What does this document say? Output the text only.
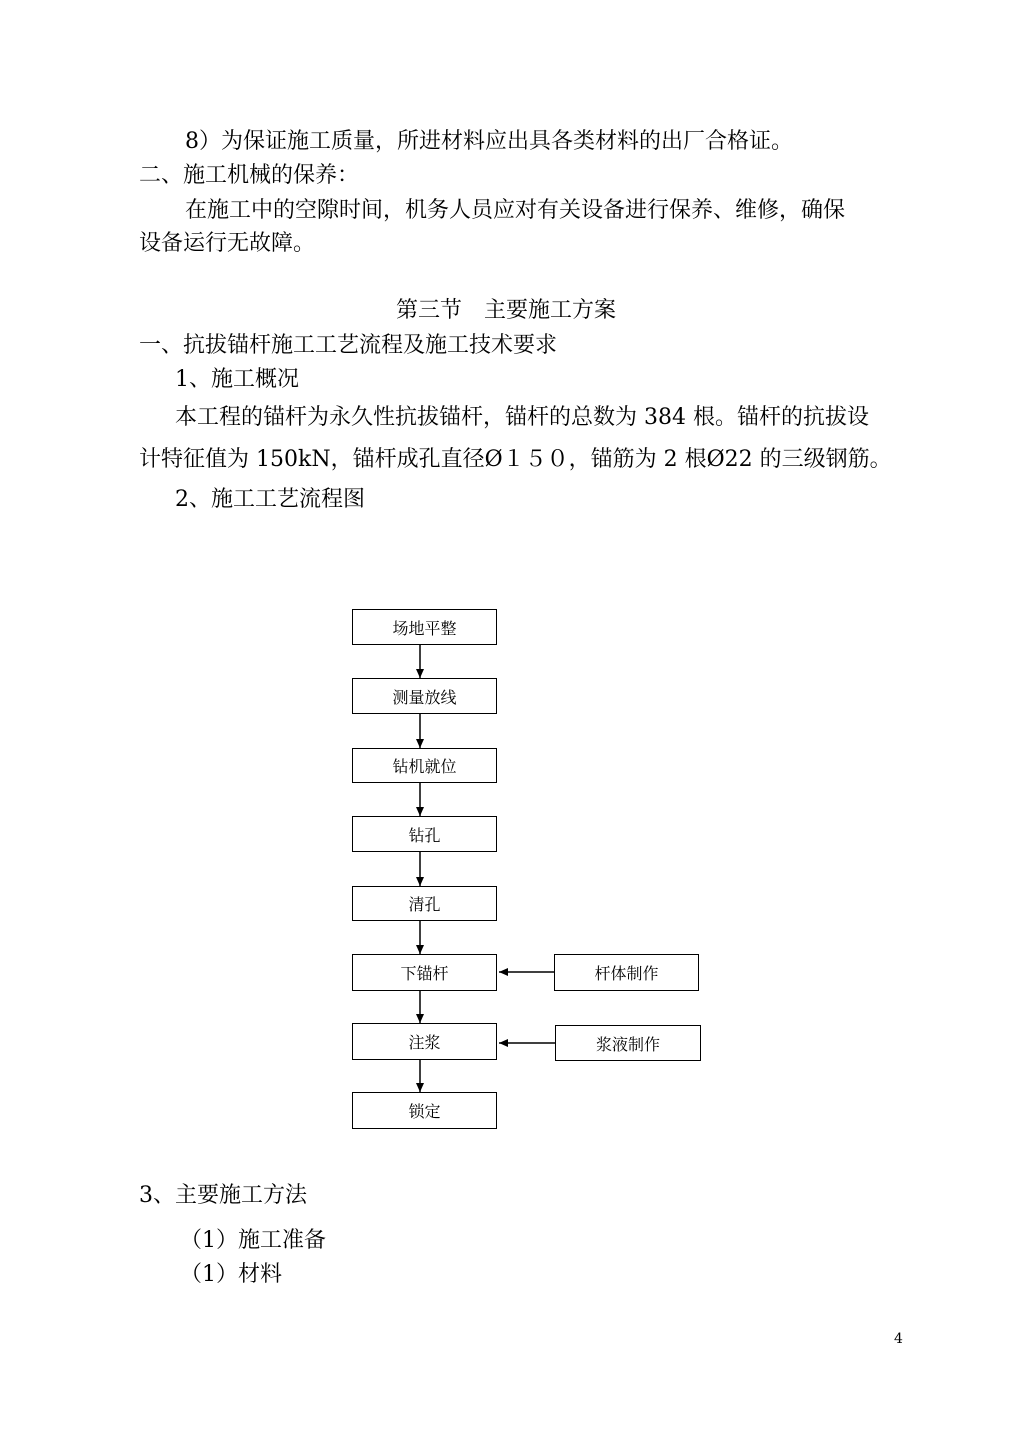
8）为保证施工质量，所进材料应出具各类材料的出厂合格证。
二、施工机械的保养：
在施工中的空隙时间，机务人员应对有关设备进行保养、维修，确保
设备运行无故障。
第三节　主要施工方案
一、抗拔锚杆施工工艺流程及施工技术要求
1、施工概况
本工程的锚杆为永久性抗拔锚杆，锚杆的总数为 384 根。锚杆的抗拔设
计特征值为 150kN，锚杆成孔直径Ø１５０，锚筋为 2 根Ø22 的三级钢筋。
2、施工工艺流程图
场地平整
测量放线
钻机就位
钻孔
清孔
下锚杆
注浆
锁定
杆体制作
浆液制作
3、主要施工方法
（1）施工准备
（1）材料
4
